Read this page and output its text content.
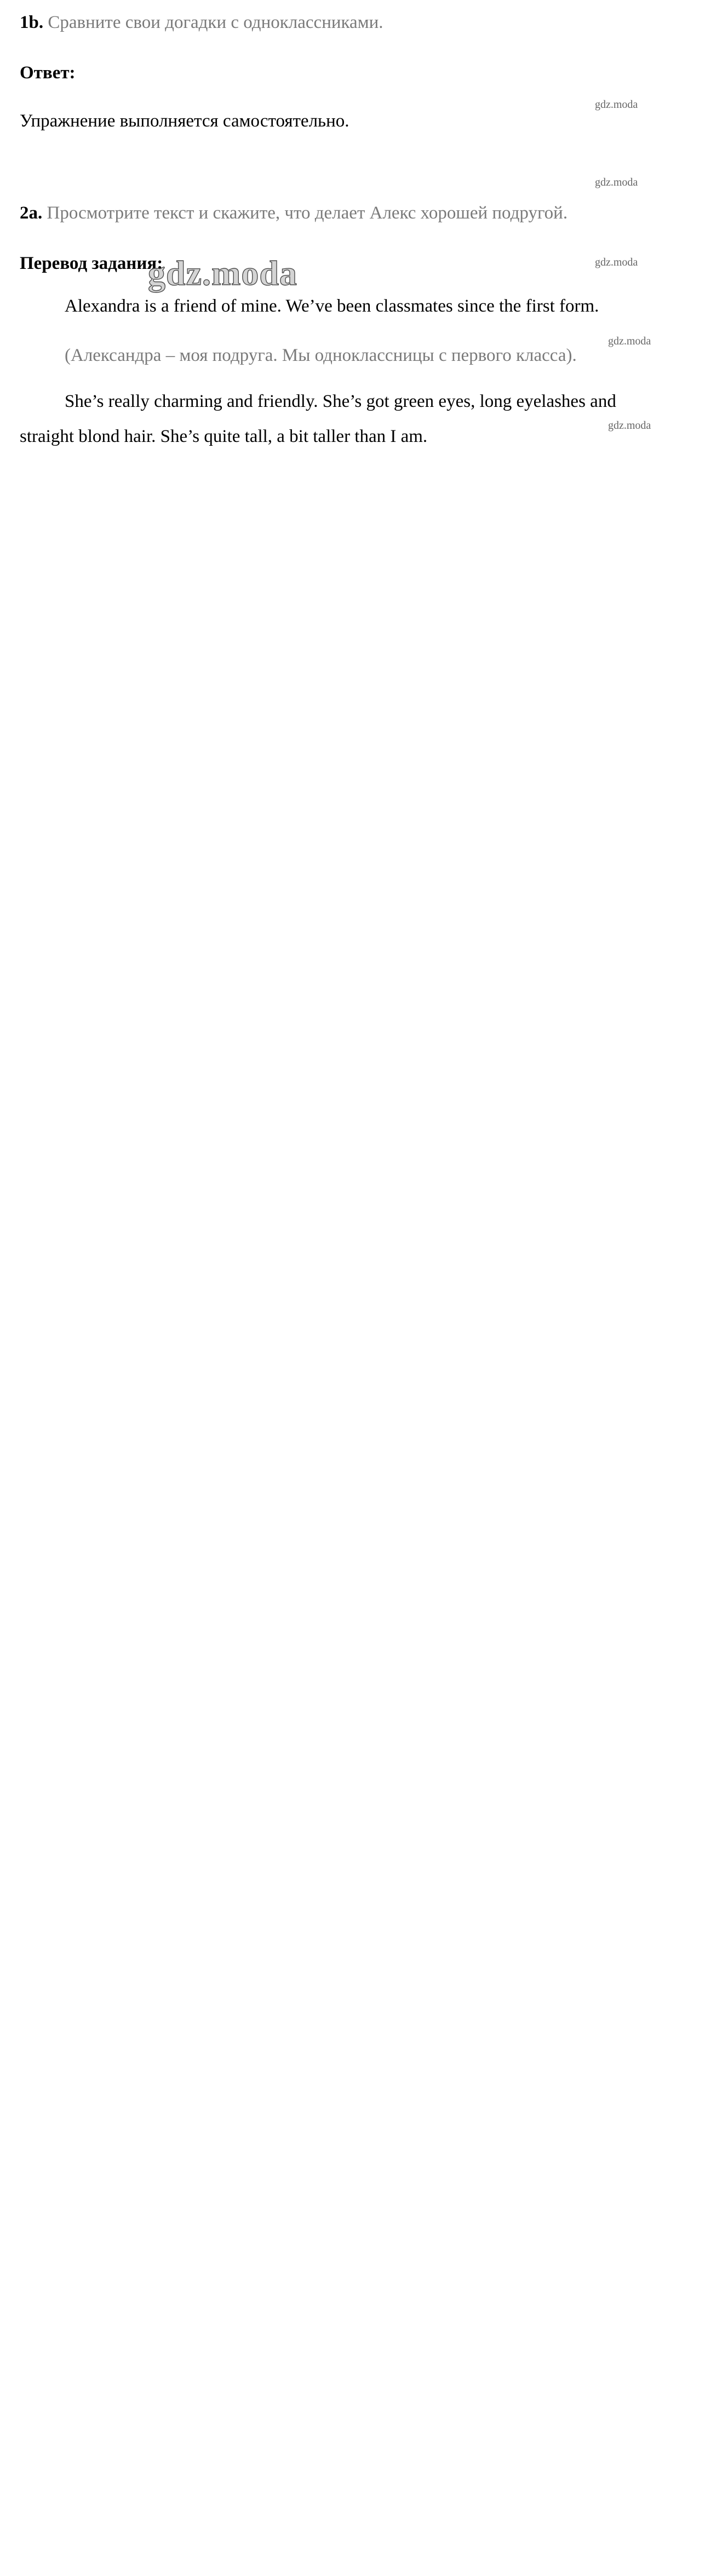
1b. Сравните свои догадки с одноклассниками.
Ответ:
gdz.moda
Упражнение выполняется самостоятельно.
gdz.moda
2a. Просмотрите текст и скажите, что делает Алекс хорошей подругой.
Перевод задания:	gdz.moda
gdz.moda
Alexandra is a friend of mine. We’ve been classmates since the first form.
gdz.moda
(Александра – моя подруга. Мы одноклассницы с первого класса).
She’s really charming and friendly. She’s got green eyes, long eyelashes and
gdz.moda
straight blond hair. She’s quite tall, a bit taller than I am.
